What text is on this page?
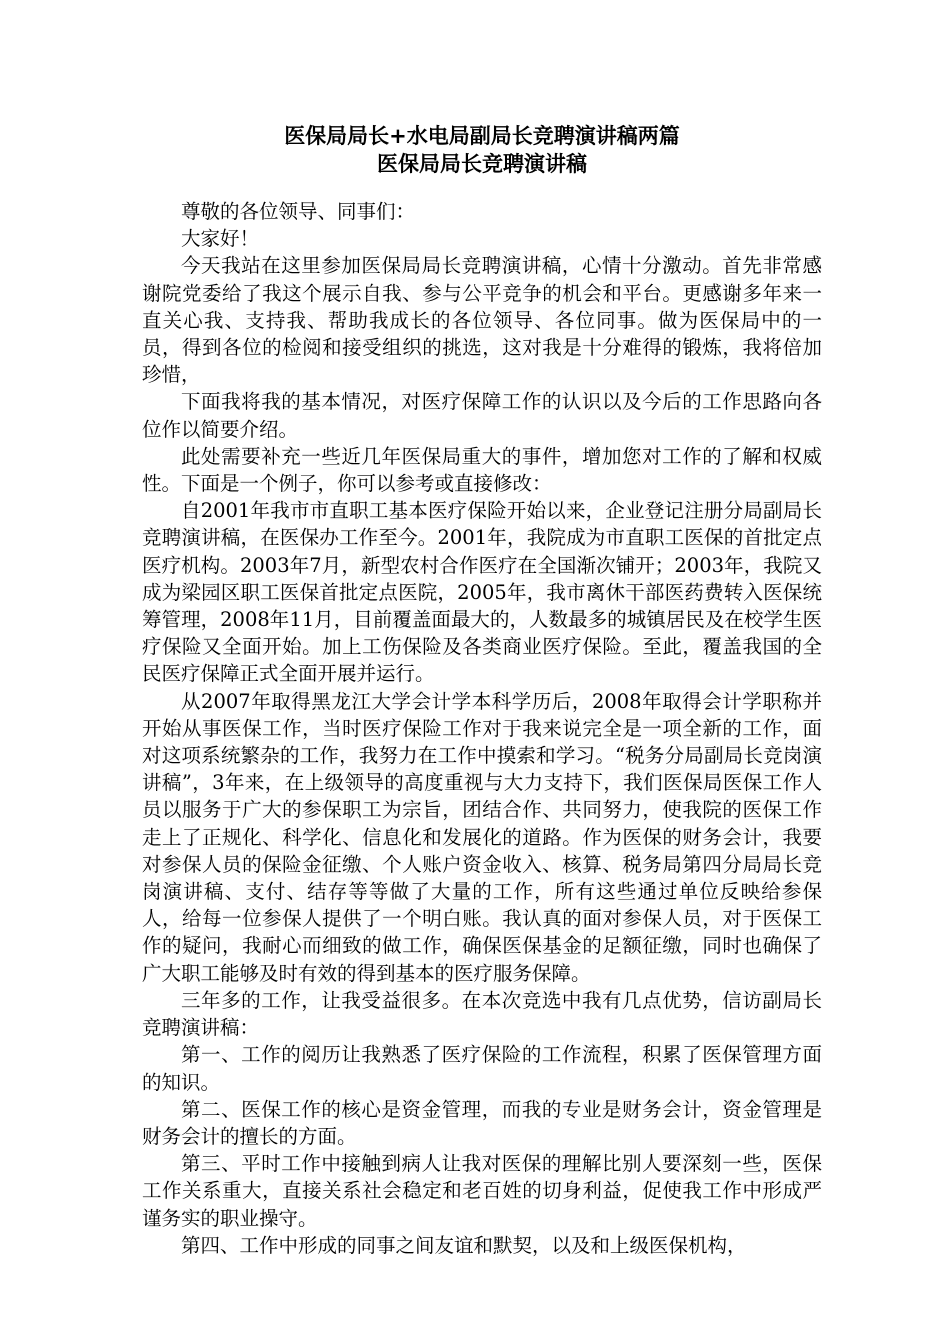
医保局局长+水电局副局长竞聘演讲稿两篇
医保局局长竞聘演讲稿

尊敬的各位领导、同事们：

大家好！

今天我站在这里参加医保局局长竞聘演讲稿，心情十分激动。首先非常感谢院党委给了我这个展示自我、参与公平竞争的机会和平台。更感谢多年来一直关心我、支持我、帮助我成长的各位领导、各位同事。做为医保局中的一员，得到各位的检阅和接受组织的挑选，这对我是十分难得的锻炼，我将倍加珍惜，

下面我将我的基本情况，对医疗保障工作的认识以及今后的工作思路向各位作以简要介绍。

此处需要补充一些近几年医保局重大的事件，增加您对工作的了解和权威性。下面是一个例子，你可以参考或直接修改：

自2001年我市市直职工基本医疗保险开始以来，企业登记注册分局副局长竞聘演讲稿，在医保办工作至今。2001年，我院成为市直职工医保的首批定点医疗机构。2003年7月，新型农村合作医疗在全国渐次铺开；2003年，我院又成为梁园区职工医保首批定点医院，2005年，我市离休干部医药费转入医保统筹管理，2008年11月，目前覆盖面最大的，人数最多的城镇居民及在校学生医疗保险又全面开始。加上工伤保险及各类商业医疗保险。至此，覆盖我国的全民医疗保障正式全面开展并运行。

从2007年取得黑龙江大学会计学本科学历后，2008年取得会计学职称并开始从事医保工作，当时医疗保险工作对于我来说完全是一项全新的工作，面对这项系统繁杂的工作，我努力在工作中摸索和学习。“税务分局副局长竞岗演讲稿”，3年来，在上级领导的高度重视与大力支持下，我们医保局医保工作人员以服务于广大的参保职工为宗旨，团结合作、共同努力，使我院的医保工作走上了正规化、科学化、信息化和发展化的道路。作为医保的财务会计，我要对参保人员的保险金征缴、个人账户资金收入、核算、税务局第四分局局长竞岗演讲稿、支付、结存等等做了大量的工作，所有这些通过单位反映给参保人，给每一位参保人提供了一个明白账。我认真的面对参保人员，对于医保工作的疑问，我耐心而细致的做工作，确保医保基金的足额征缴，同时也确保了广大职工能够及时有效的得到基本的医疗服务保障。

三年多的工作，让我受益很多。在本次竞选中我有几点优势，信访副局长竞聘演讲稿：

第一、工作的阅历让我熟悉了医疗保险的工作流程，积累了医保管理方面的知识。

第二、医保工作的核心是资金管理，而我的专业是财务会计，资金管理是财务会计的擅长的方面。

第三、平时工作中接触到病人让我对医保的理解比别人要深刻一些，医保工作关系重大，直接关系社会稳定和老百姓的切身利益，促使我工作中形成严谨务实的职业操守。

第四、工作中形成的同事之间友谊和默契，以及和上级医保机构，
